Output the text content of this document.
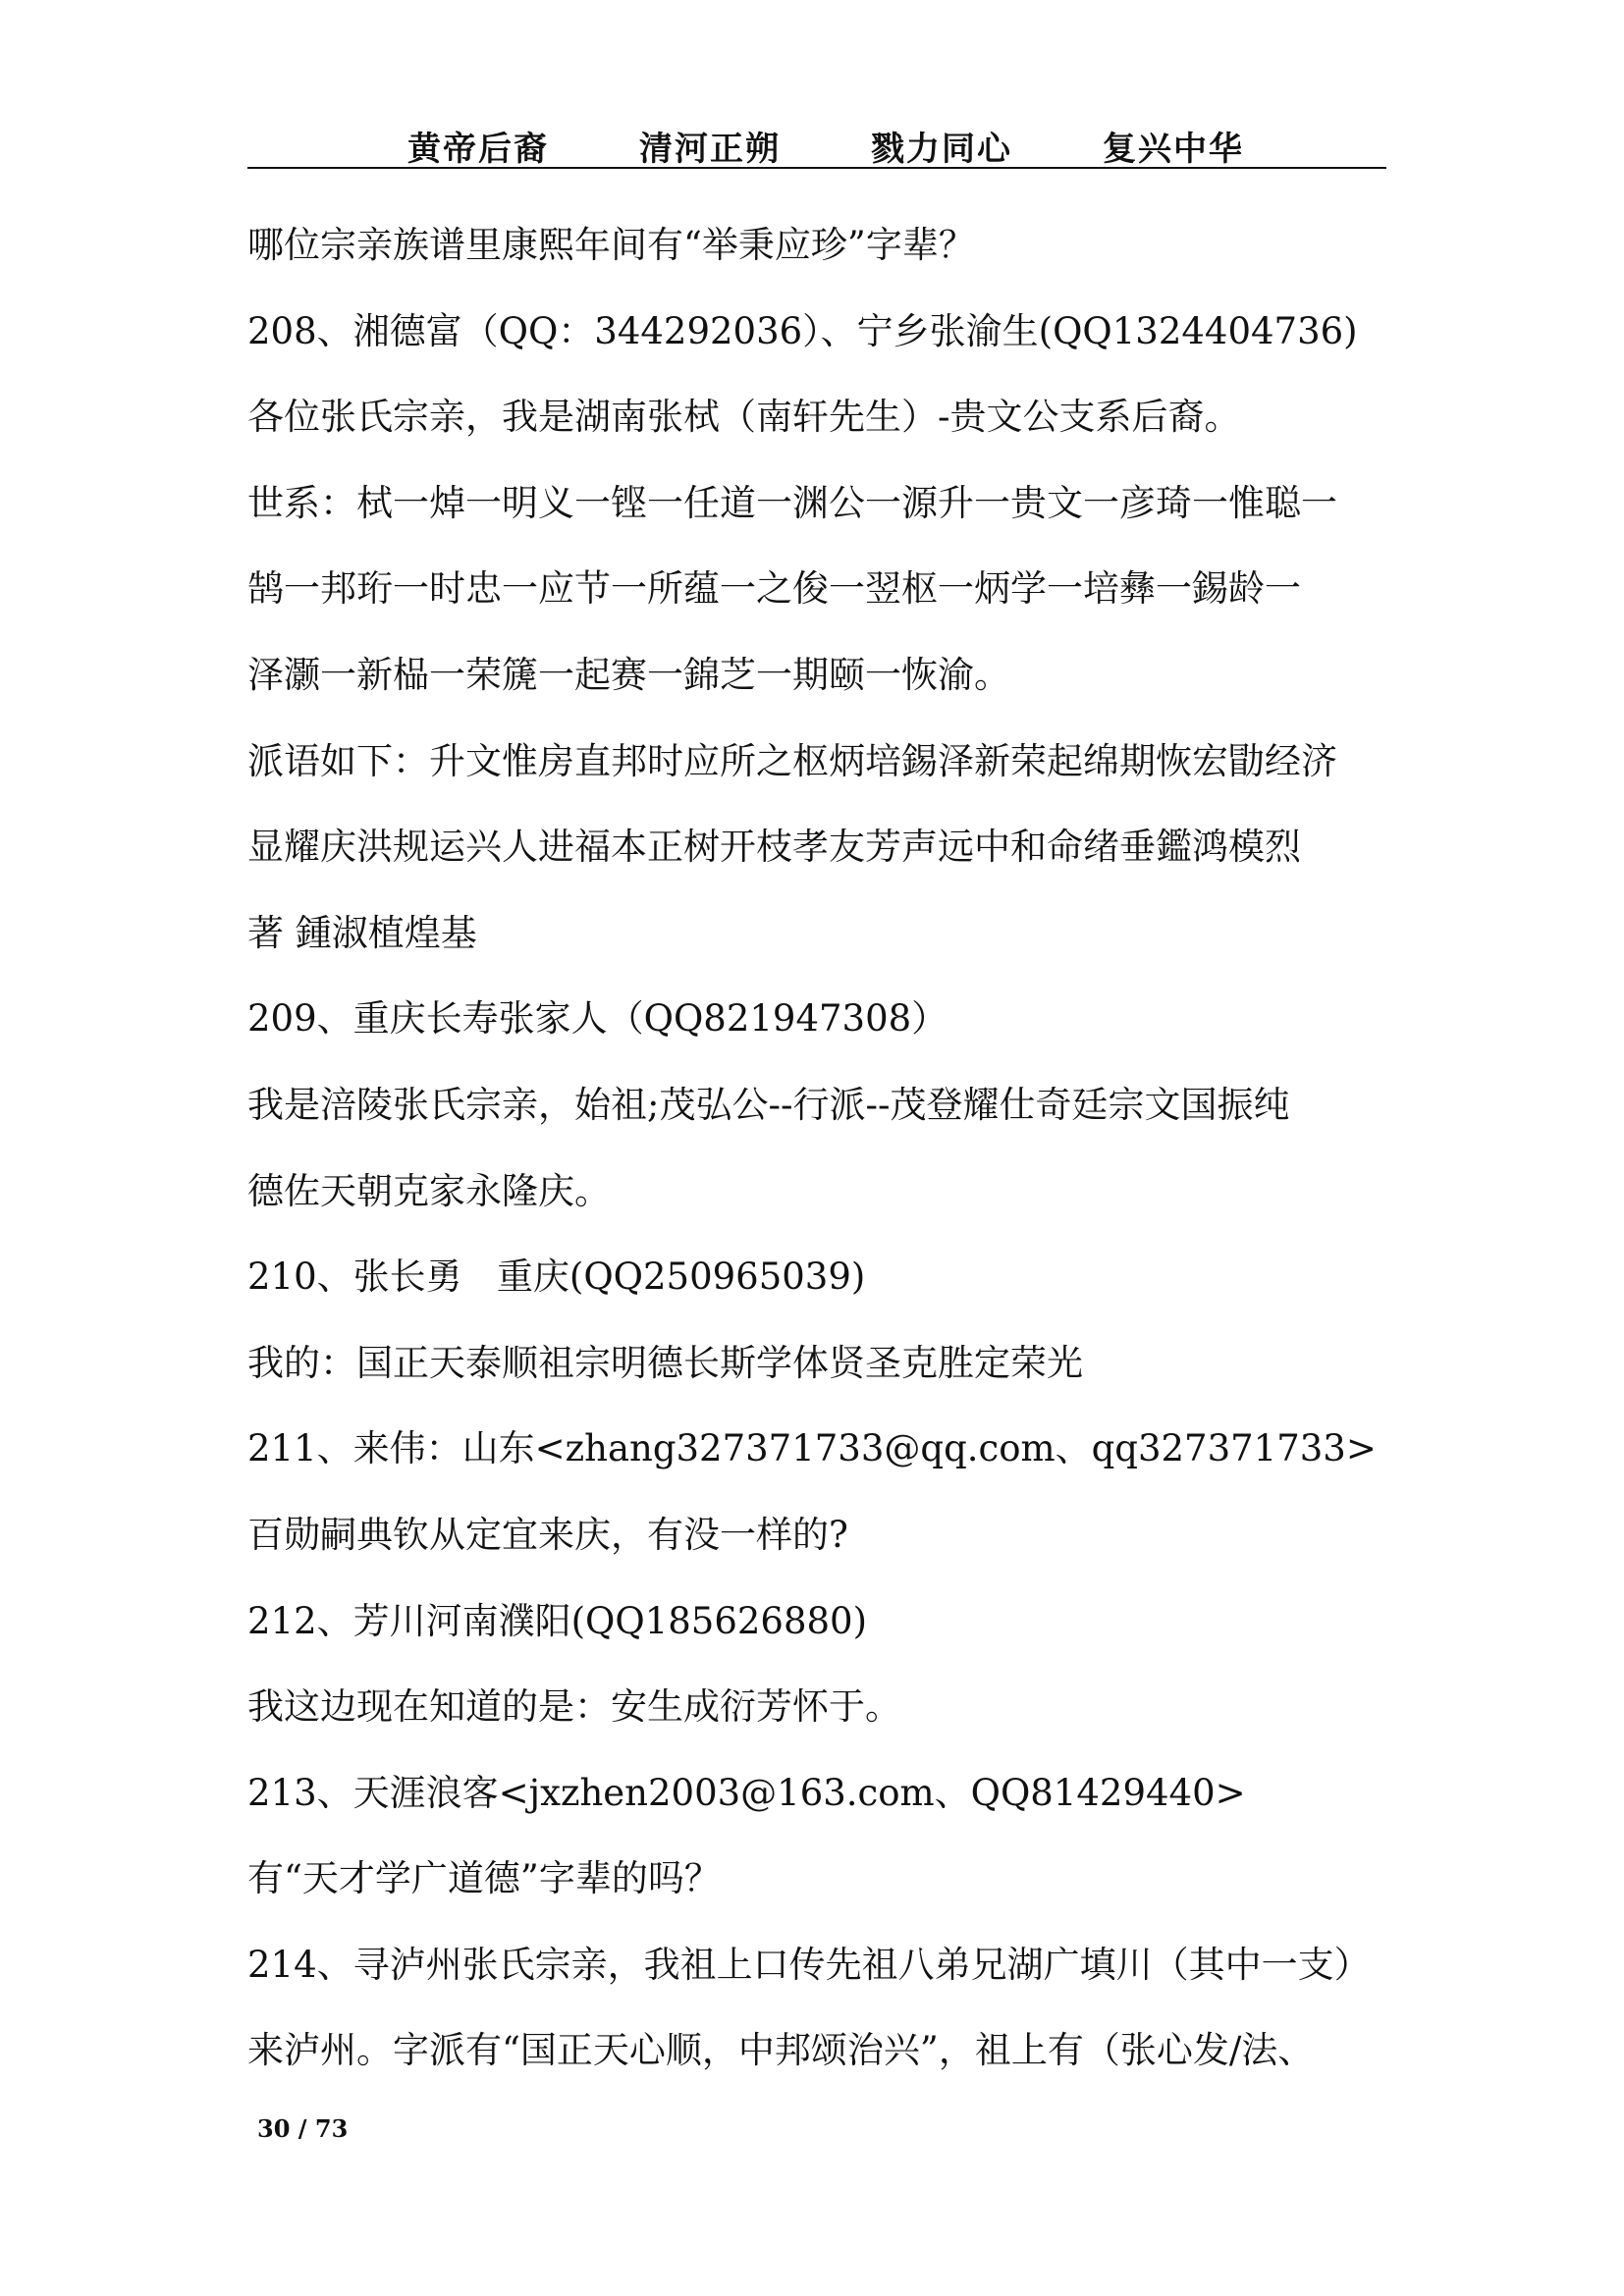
黄帝后裔	清河正朔	戮力同心	复兴中华
哪位宗亲族谱里康熙年间有“举秉应珍”字辈？
208、湘德富（QQ：344292036）、宁乡张渝生(QQ1324404736)
各位张氏宗亲，我是湖南张栻（南轩先生）-贵文公支系后裔。
世系：栻一焯一明义一铿一任道一渊公一源升一贵文一彦琦一惟聪一
鹄一邦珩一时忠一应节一所蕴一之俊一翌枢一炳学一培彝一錫龄一
泽灏一新榀一荣篪一起赛一錦芝一期颐一恢渝。
派语如下：升文惟房直邦时应所之枢炳培錫泽新荣起绵期恢宏勖经济
显耀庆洪规运兴人进福本正树开枝孝友芳声远中和命绪垂鑑鸿模烈
著 鍾淑植煌基
209、重庆长寿张家人（QQ821947308）
我是涪陵张氏宗亲，始祖;茂弘公--行派--茂登耀仕奇廷宗文国振纯
德佐天朝克家永隆庆。
210、张长勇   重庆(QQ250965039)
我的：国正天泰顺祖宗明德长斯学体贤圣克胜定荣光
211、来伟：山东<zhang327371733@qq.com、qq327371733>
百勋嗣典钦从定宜来庆，有没一样的?
212、芳川河南濮阳(QQ185626880)
我这边现在知道的是：安生成衍芳怀于。
213、天涯浪客<jxzhen2003@163.com、QQ81429440>
有“天才学广道德”字辈的吗？
214、寻泸州张氏宗亲，我祖上口传先祖八弟兄湖广填川（其中一支）
来泸州。字派有“国正天心顺，中邦颂治兴”，祖上有（张心发/法、
30 / 73
